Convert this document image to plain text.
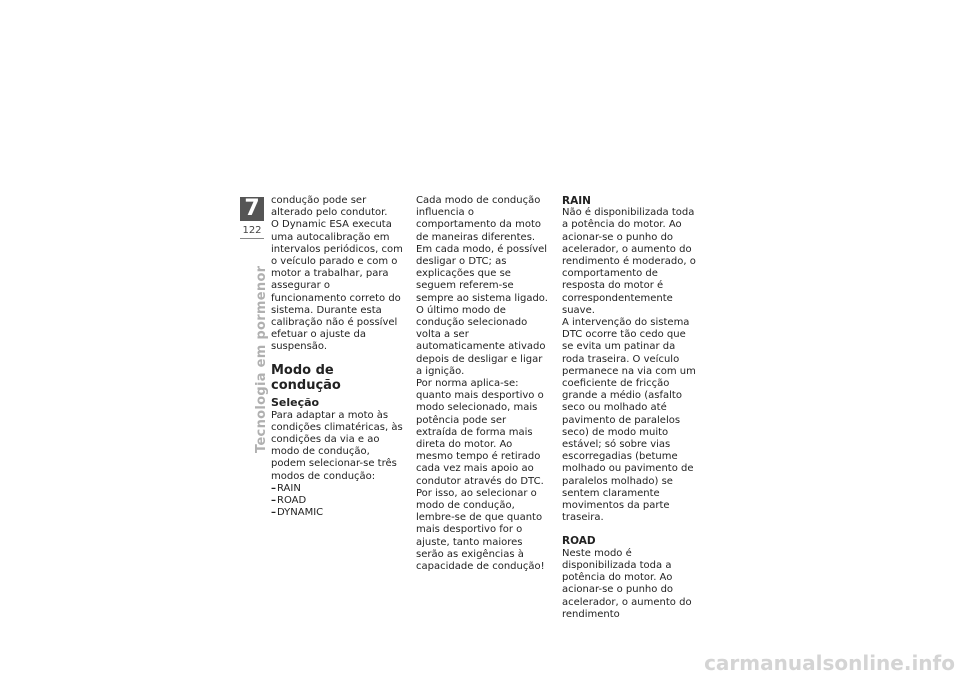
7
122
Tecnologia em pormenor

condução pode ser alterado pelo condutor.

O Dynamic ESA executa uma autocalibração em intervalos periódicos, com o veículo parado e com o motor a trabalhar, para assegurar o funcionamento correto do sistema. Durante esta calibração não é possível efetuar o ajuste da suspensão.

Modo de condução
Seleção

Para adaptar a moto às condições climatéricas, às condições da via e ao modo de condução, podem selecionar-se três modos de condução:

– RAIN
– ROAD
– DYNAMIC

Cada modo de condução influencia o comportamento da moto de maneiras diferentes. Em cada modo, é possível desligar o DTC; as explicações que se seguem referem-se sempre ao sistema ligado. O último modo de condução selecionado volta a ser automaticamente ativado depois de desligar e ligar a ignição.

Por norma aplica-se: quanto mais desportivo o modo selecionado, mais potência pode ser extraída de forma mais direta do motor. Ao mesmo tempo é retirado cada vez mais apoio ao condutor através do DTC.

Por isso, ao selecionar o modo de condução, lembre-se de que quanto mais desportivo for o ajuste, tanto maiores serão as exigências à capacidade de condução!

RAIN

Não é disponibilizada toda a potência do motor. Ao acionar-se o punho do acelerador, o aumento do rendimento é moderado, o comportamento de resposta do motor é correspondentemente suave.

A intervenção do sistema DTC ocorre tão cedo que se evita um patinar da roda traseira. O veículo permanece na via com um coeficiente de fricção grande a médio (asfalto seco ou molhado até pavimento de paralelos seco) de modo muito estável; só sobre vias escorregadias (betume molhado ou pavimento de paralelos molhado) se sentem claramente movimentos da parte traseira.

ROAD

Neste modo é disponibilizada toda a potência do motor. Ao acionar-se o punho do acelerador, o aumento do rendimento

carmanualsonline.info
